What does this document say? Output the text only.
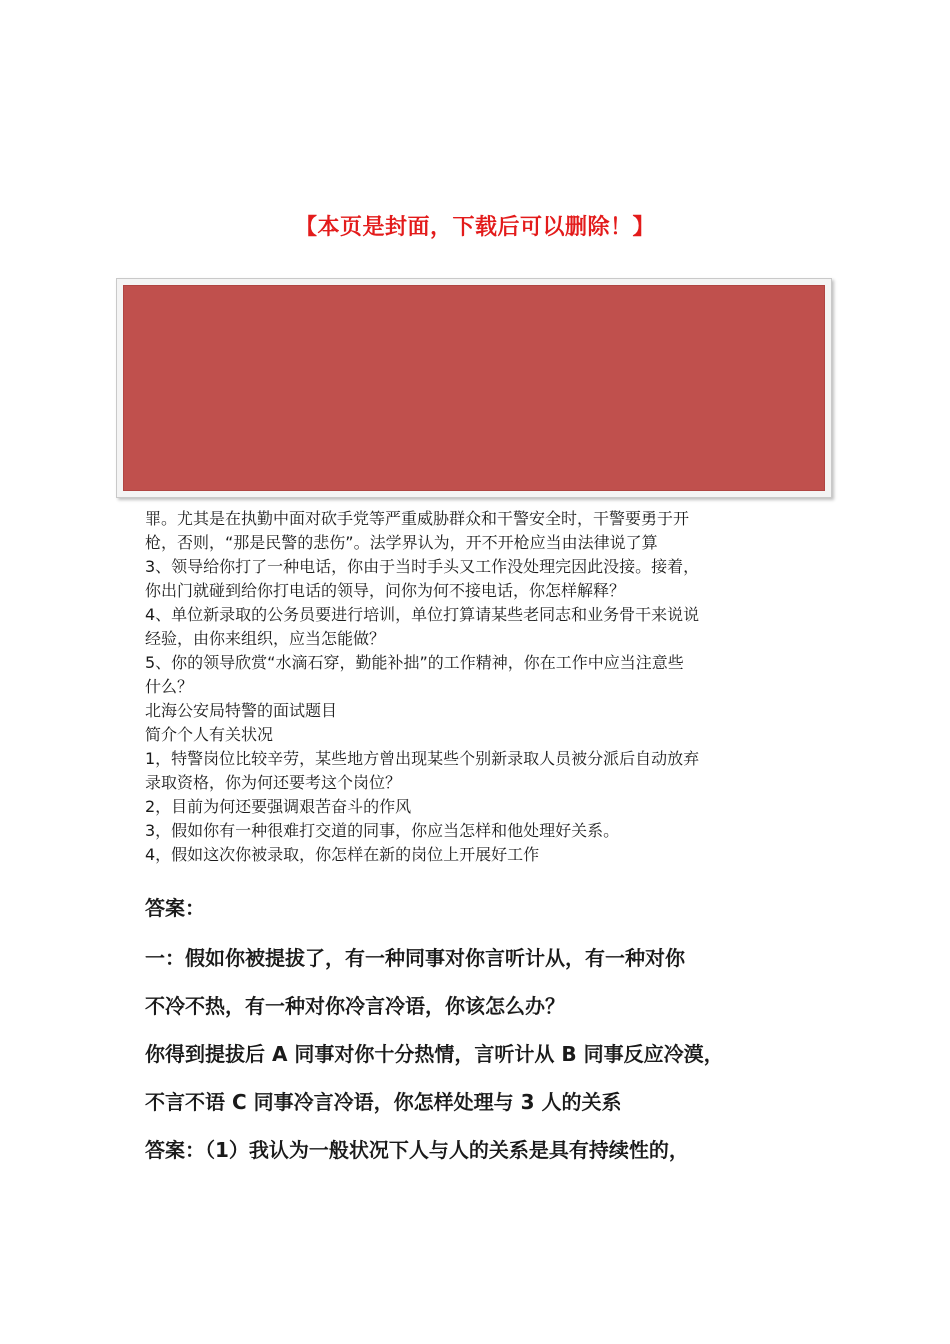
【本页是封面，下载后可以删除！】

罪。尤其是在执勤中面对砍手党等严重威胁群众和干警安全时，干警要勇于开

枪，否则，“那是民警的悲伤”。法学界认为，开不开枪应当由法律说了算

3、领导给你打了一种电话，你由于当时手头又工作没处理完因此没接。接着，

你出门就碰到给你打电话的领导，问你为何不接电话，你怎样解释？

4、单位新录取的公务员要进行培训，单位打算请某些老同志和业务骨干来说说

经验，由你来组织，应当怎能做？

5、你的领导欣赏“水滴石穿，勤能补拙”的工作精神，你在工作中应当注意些

什么？

北海公安局特警的面试题目

简介个人有关状况

1，特警岗位比较辛劳，某些地方曾出现某些个别新录取人员被分派后自动放弃

录取资格，你为何还要考这个岗位？

2，目前为何还要强调艰苦奋斗的作风

3，假如你有一种很难打交道的同事，你应当怎样和他处理好关系。

4，假如这次你被录取，你怎样在新的岗位上开展好工作

答案：

一：假如你被提拔了，有一种同事对你言听计从，有一种对你

不冷不热，有一种对你冷言冷语，你该怎么办？

你得到提拔后 A 同事对你十分热情，言听计从 B 同事反应冷漠，

不言不语 C 同事冷言冷语，你怎样处理与 3 人的关系

答案：（1）我认为一般状况下人与人的关系是具有持续性的，
